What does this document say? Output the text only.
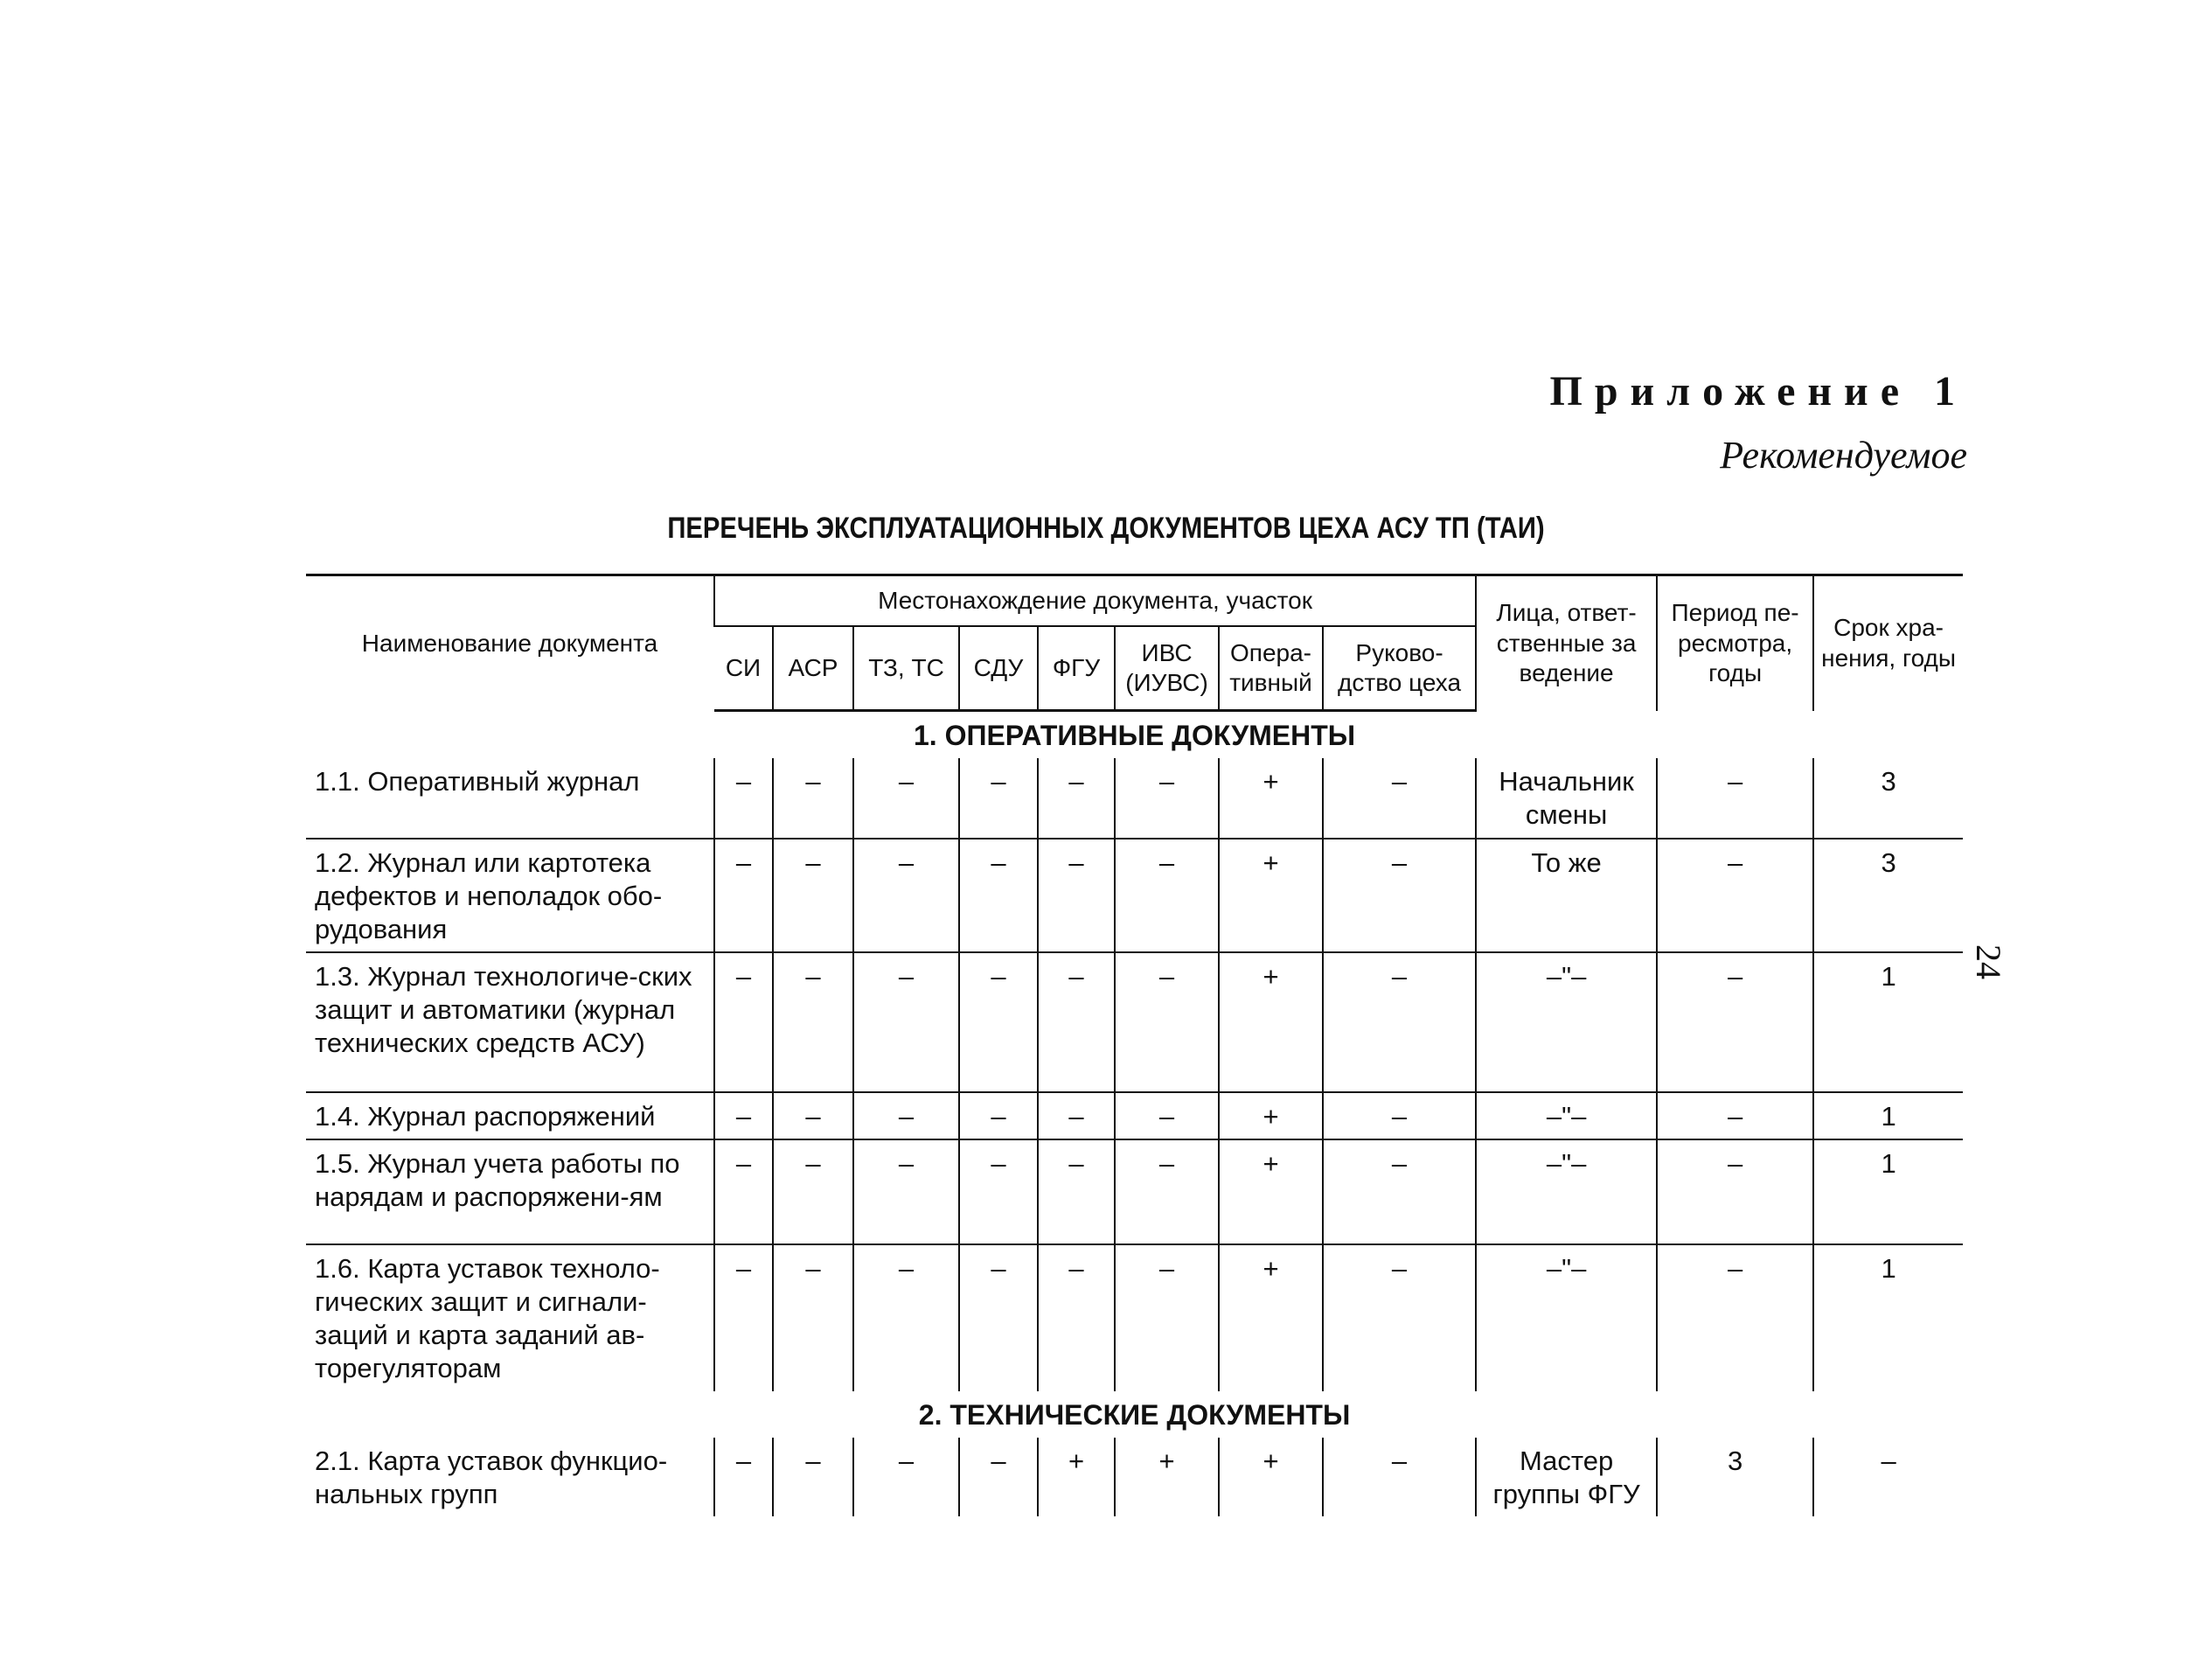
Приложение 1
Рекомендуемое
ПЕРЕЧЕНЬ ЭКСПЛУАТАЦИОННЫХ ДОКУМЕНТОВ ЦЕХА АСУ ТП (ТАИ)
24
Наименование документа	Местонахождение документа, участок								Лица, ответ-ственные за ведение	Период пе-ресмотра, годы	Срок хра-нения, годы
	СИ	АСР	ТЗ, ТС	СДУ	ФГУ	ИВС (ИУВС)	Опера-тивный	Руково-дство цеха			
1. ОПЕРАТИВНЫЕ ДОКУМЕНТЫ											
1.1. Оперативный журнал	–	–	–	–	–	–	+	–	Начальник смены	–	3
1.2. Журнал или картотека дефектов и неполадок обо-рудования	–	–	–	–	–	–	+	–	То же	–	3
1.3. Журнал технологиче-ских защит и автоматики (журнал технических средств АСУ)	–	–	–	–	–	–	+	–	–"–	–	1
1.4. Журнал распоряжений	–	–	–	–	–	–	+	–	–"–	–	1
1.5. Журнал учета работы по нарядам и распоряжени-ям	–	–	–	–	–	–	+	–	–"–	–	1
1.6. Карта уставок техноло-гических защит и сигнали-заций и карта заданий ав-торегуляторам	–	–	–	–	–	–	+	–	–"–	–	1
2. ТЕХНИЧЕСКИЕ ДОКУМЕНТЫ											
2.1. Карта уставок функцио-нальных групп	–	–	–	–	+	+	+	–	Мастер группы ФГУ	3	–
